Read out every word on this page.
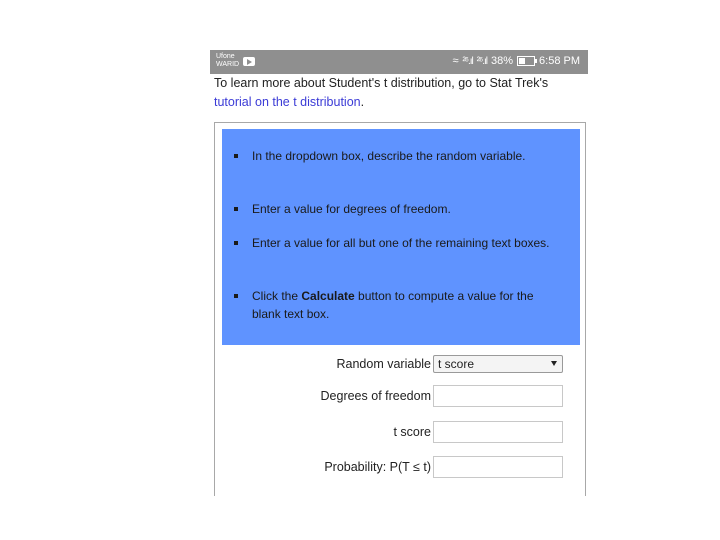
Ufone
WARID	≈ ²⁶.ıl ²⁶.ıl 38% 6:58 PM
To learn more about Student's t distribution, go to Stat Trek's tutorial on the t distribution.
In the dropdown box, describe the random variable.
Enter a value for degrees of freedom.
Enter a value for all but one of the remaining text boxes.
Click the Calculate button to compute a value for the blank text box.
Random variable t score
Degrees of freedom
t score
Probability: P(T ≤ t)
